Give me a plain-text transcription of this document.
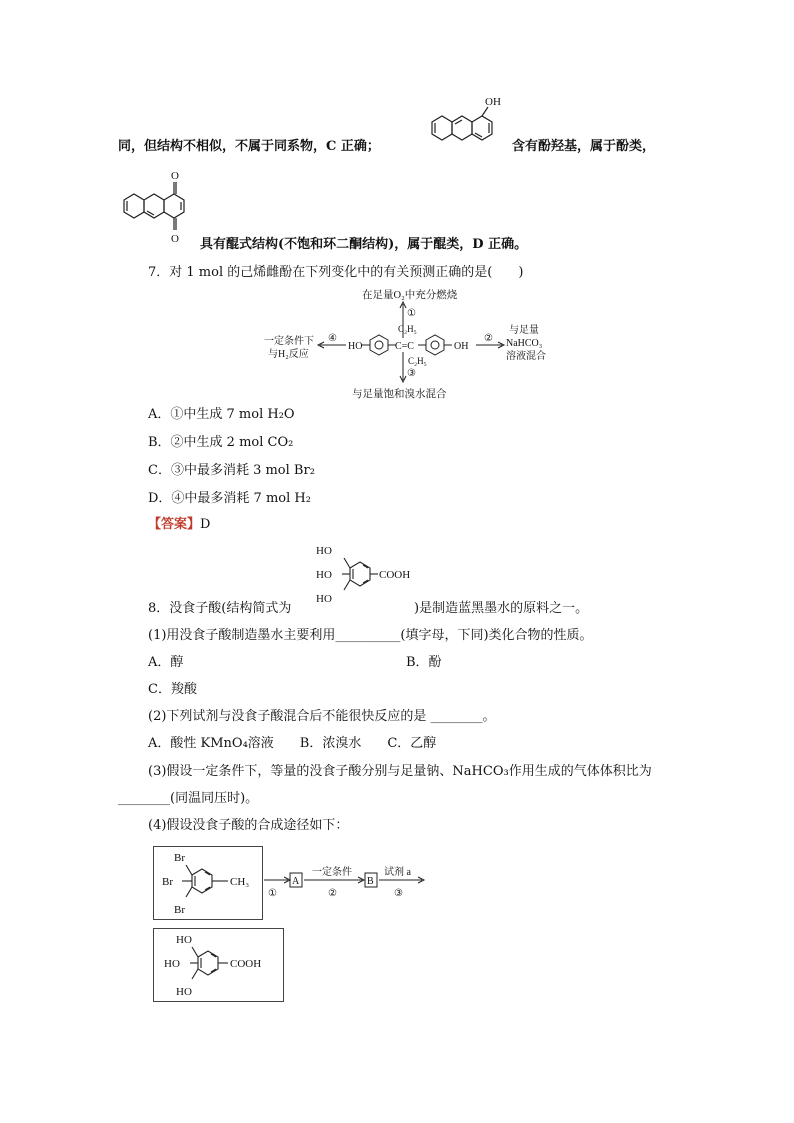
同，但结构不相似，不属于同系物，C 正确；
OH
含有酚羟基，属于酚类，
O
O 具有醌式结构(不饱和环二酮结构)，属于醌类，D 正确。
7．对 1 mol 的己烯雌酚在下列变化中的有关预测正确的是(　　)
在足量O₂中充分燃烧
①
C₂H₅
C=C
C₂H₅
③
HO	OH
④	②
一定条件下
与H₂反应
与足量
NaHCO₃
溶液混合
与足量饱和溴水混合
A．①中生成 7 mol H₂O
B．②中生成 2 mol CO₂
C．③中最多消耗 3 mol Br₂
D．④中最多消耗 7 mol H₂
【答案】D
HO
HO
HO
COOH
8．没食子酸(结构简式为	)是制造蓝黑墨水的原料之一。
(1)用没食子酸制造墨水主要利用__________(填字母，下同)类化合物的性质。
A．醇	B．酚
C．羧酸
(2)下列试剂与没食子酸混合后不能很快反应的是 ________。
A．酸性 KMnO₄溶液　　B．浓溴水　　C．乙醇
(3)假设一定条件下，等量的没食子酸分别与足量钠、NaHCO₃作用生成的气体体积比为
________(同温同压时)。
(4)假设没食子酸的合成途径如下：
Br
Br
Br
CH₃
①
A
一定条件
②
B
试剂 a
③
HO
HO
HO
COOH
